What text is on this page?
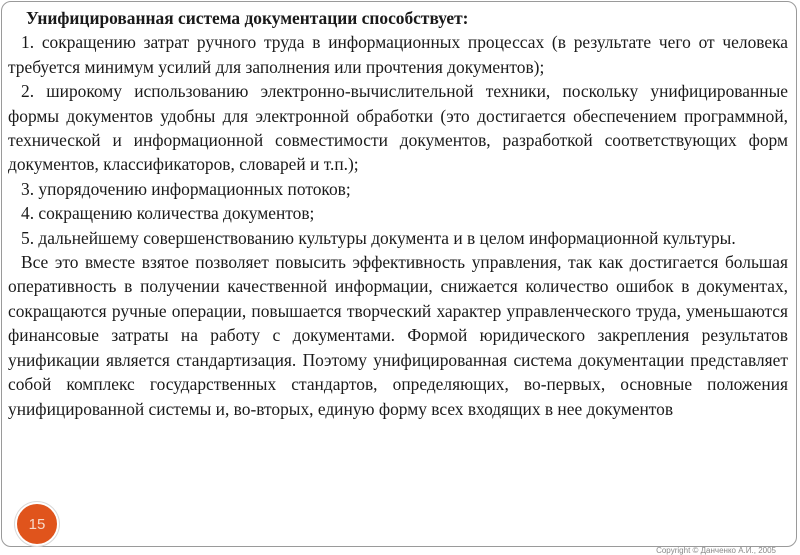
Унифицированная система документации способствует:

1. сокращению затрат ручного труда в информационных процессах (в результате чего от человека требуется минимум усилий для заполнения или прочтения документов);

2. широкому использованию электронно-вычислительной техники, поскольку унифицированные формы документов удобны для электронной обработки (это достигается обеспечением программной, технической и информационной совместимости документов, разработкой соответствующих форм документов, классификаторов, словарей и т.п.);

3. упорядочению информационных потоков;

4. сокращению количества документов;

5. дальнейшему совершенствованию культуры документа и в целом информационной культуры.

Все это вместе взятое позволяет повысить эффективность управления, так как достигается большая оперативность в получении качественной информации, снижается количество ошибок в документах, сокращаются ручные операции, повышается творческий характер управленческого труда, уменьшаются финансовые затраты на работу с документами. Формой юридического закрепления результатов унификации является стандартизация. Поэтому унифицированная система документации представляет собой комплекс государственных стандартов, определяющих, во-первых, основные положения унифицированной системы и, во-вторых, единую форму всех входящих в нее документов

15
Copyright © Данченко А.И., 2005
